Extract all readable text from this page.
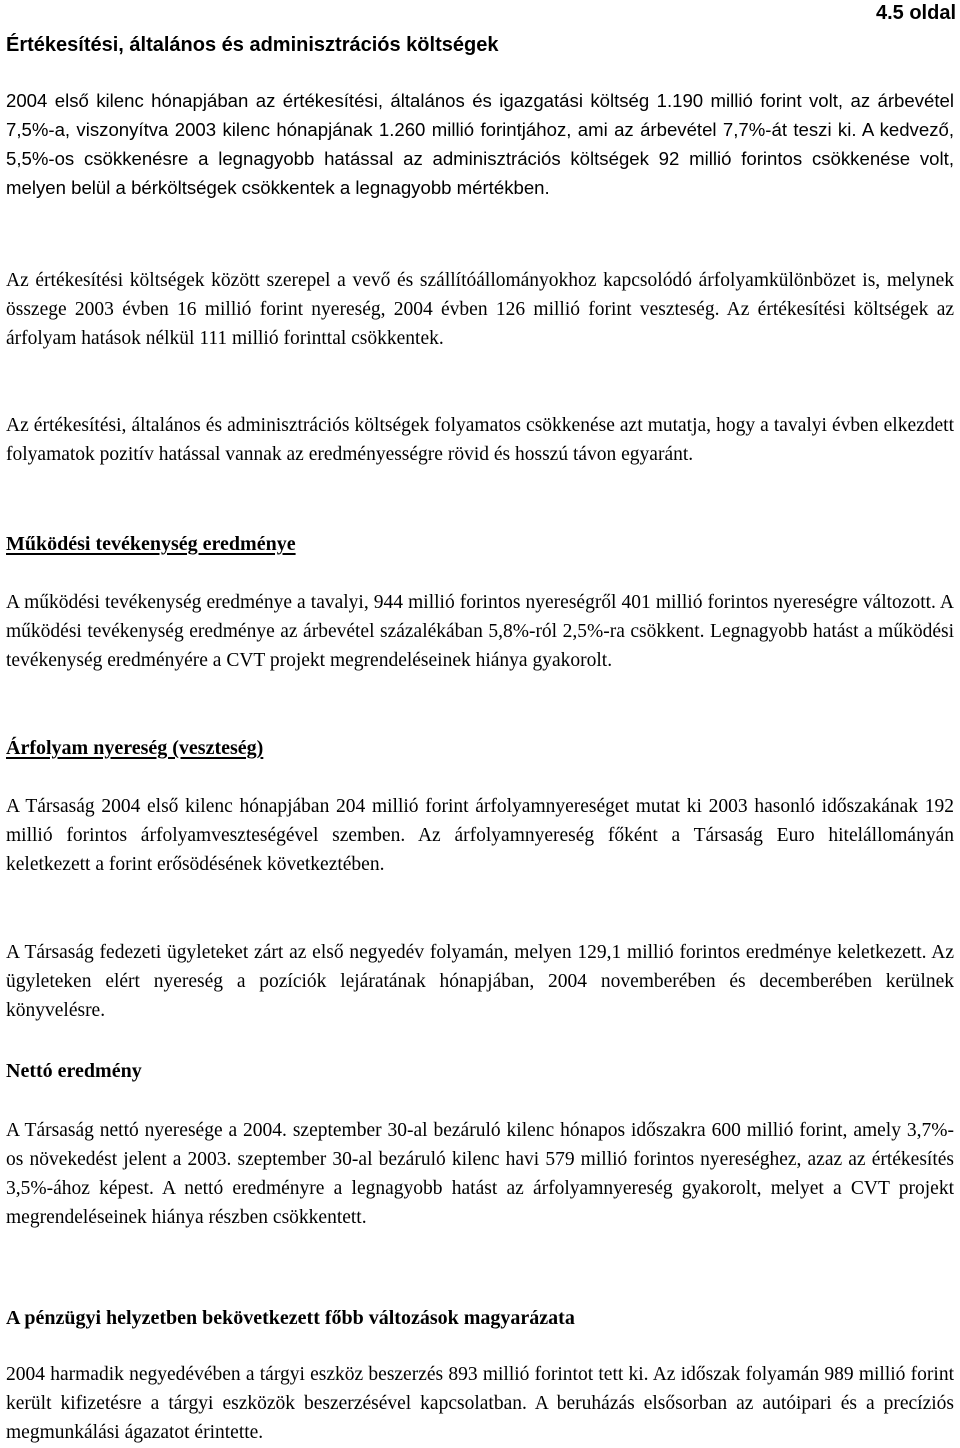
4.5 oldal
Értékesítési, általános és adminisztrációs költségek

2004 első kilenc hónapjában az értékesítési, általános és igazgatási költség 1.190 millió forint volt, az árbevétel 7,5%-a, viszonyítva 2003 kilenc hónapjának 1.260 millió forintjához, ami az árbevétel 7,7%-át teszi ki. A kedvező, 5,5%-os csökkenésre a legnagyobb hatással az adminisztrációs költségek 92 millió forintos csökkenése volt, melyen belül a bérköltségek csökkentek a legnagyobb mértékben.

Az értékesítési költségek között szerepel a vevő és szállítóállományokhoz kapcsolódó árfolyamkülönbözet is, melynek összege 2003 évben 16 millió forint nyereség, 2004 évben 126 millió forint veszteség. Az értékesítési költségek az árfolyam hatások nélkül 111 millió forinttal csökkentek.

Az értékesítési, általános és adminisztrációs költségek folyamatos csökkenése azt mutatja, hogy a tavalyi évben elkezdett folyamatok pozitív hatással vannak az eredményességre rövid és hosszú távon egyaránt.

Működési tevékenység eredménye

A működési tevékenység eredménye a tavalyi, 944 millió forintos nyereségről 401 millió forintos nyereségre változott. A működési tevékenység eredménye az árbevétel százalékában 5,8%-ról 2,5%-ra csökkent. Legnagyobb hatást a működési tevékenység eredményére a CVT projekt megrendeléseinek hiánya gyakorolt.

Árfolyam nyereség (veszteség)

A Társaság 2004 első kilenc hónapjában 204 millió forint árfolyamnyereséget mutat ki 2003 hasonló időszakának 192 millió forintos árfolyamveszteségével szemben. Az árfolyamnyereség főként a Társaság Euro hitelállományán keletkezett a forint erősödésének következtében.

A Társaság fedezeti ügyleteket zárt az első negyedév folyamán, melyen 129,1 millió forintos eredménye keletkezett. Az ügyleteken elért nyereség a pozíciók lejáratának hónapjában, 2004 novemberében és decemberében kerülnek könyvelésre.

Nettó eredmény

A Társaság nettó nyeresége a 2004. szeptember 30-al bezáruló kilenc hónapos időszakra 600 millió forint, amely 3,7%-os növekedést jelent a 2003. szeptember 30-al bezáruló kilenc havi 579 millió forintos nyereséghez, azaz az értékesítés 3,5%-ához képest. A nettó eredményre a legnagyobb hatást az árfolyamnyereség gyakorolt, melyet a CVT projekt megrendeléseinek hiánya részben csökkentett.

A pénzügyi helyzetben bekövetkezett főbb változások magyarázata

2004 harmadik negyedévében a tárgyi eszköz beszerzés 893 millió forintot tett ki. Az időszak folyamán 989 millió forint került kifizetésre a tárgyi eszközök beszerzésével kapcsolatban. A beruházás elsősorban az autóipari és a precíziós megmunkálási ágazatot érintette.
